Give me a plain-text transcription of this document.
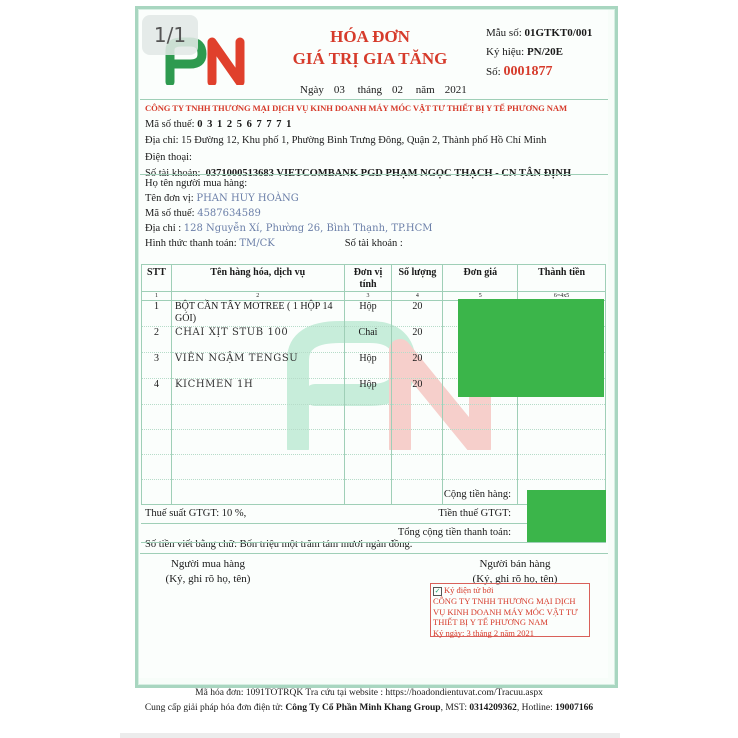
1/1	HÓA ĐƠN
GIÁ TRỊ GIA TĂNG
Mẫu số: 01GTKT0/001
Ký hiệu: PN/20E
Số: 0001877
Ngày 03 tháng 02 năm 2021
CÔNG TY TNHH THƯƠNG MẠI DỊCH VỤ KINH DOANH MÁY MÓC VẬT TƯ THIẾT BỊ Y TẾ PHƯƠNG NAM
Mã số thuế: 0 3 1 2 5 6 7 7 7 1
Địa chỉ: 15 Đường 12, Khu phố 1, Phường Bình Trưng Đông, Quận 2, Thành phố Hồ Chí Minh
Điện thoại:

Họ tên người mua hàng:
Tên đơn vị: PHAN HUY HOÀNG
Mã số thuế: 4587634589
Địa chỉ : 128 Nguyễn Xí, Phường 26, Bình Thạnh, TP.HCM
Hình thức thanh toán: TM/CK	Số tài khoản :
STT	Tên hàng hóa, dịch vụ	Đơn vị tính	Số lượng	Đơn giá	Thành tiền
1	2	3	4	5	6=4x5
1	BỘT CẦN TÂY MOTREE ( 1 HỘP 14 GÓI)	Hộp	20		
2	CHAI XỊT STUB 100	Chai	20		
3	VIÊN NGẬM TENGSU	Hộp	20		
4	KICHMEN 1H	Hộp	20		

Cộng tiền hàng:
Thuế suất GTGT: 10 %,	Tiền thuế GTGT:
Tổng cộng tiền thanh toán:
Số tiền viết bằng chữ: Bốn triệu một trăm tám mươi ngàn đồng.
Người mua hàng
(Ký, ghi rõ họ, tên)
Người bán hàng
(Ký, ghi rõ họ, tên)
✓ Ký điện tử bởi
CÔNG TY TNHH THƯƠNG MẠI DỊCH VỤ KINH DOANH MÁY MÓC VẬT TƯ THIẾT BỊ Y TẾ PHƯƠNG NAM
Ký ngày: 3 tháng 2 năm 2021
Mã hóa đơn: 1091TOTRQK Tra cứu tại website : https://hoadondientuvat.com/Tracuu.aspx
Cung cấp giải pháp hóa đơn điện tử: Công Ty Cổ Phần Minh Khang Group, MST: 0314209362, Hotline: 19007166
